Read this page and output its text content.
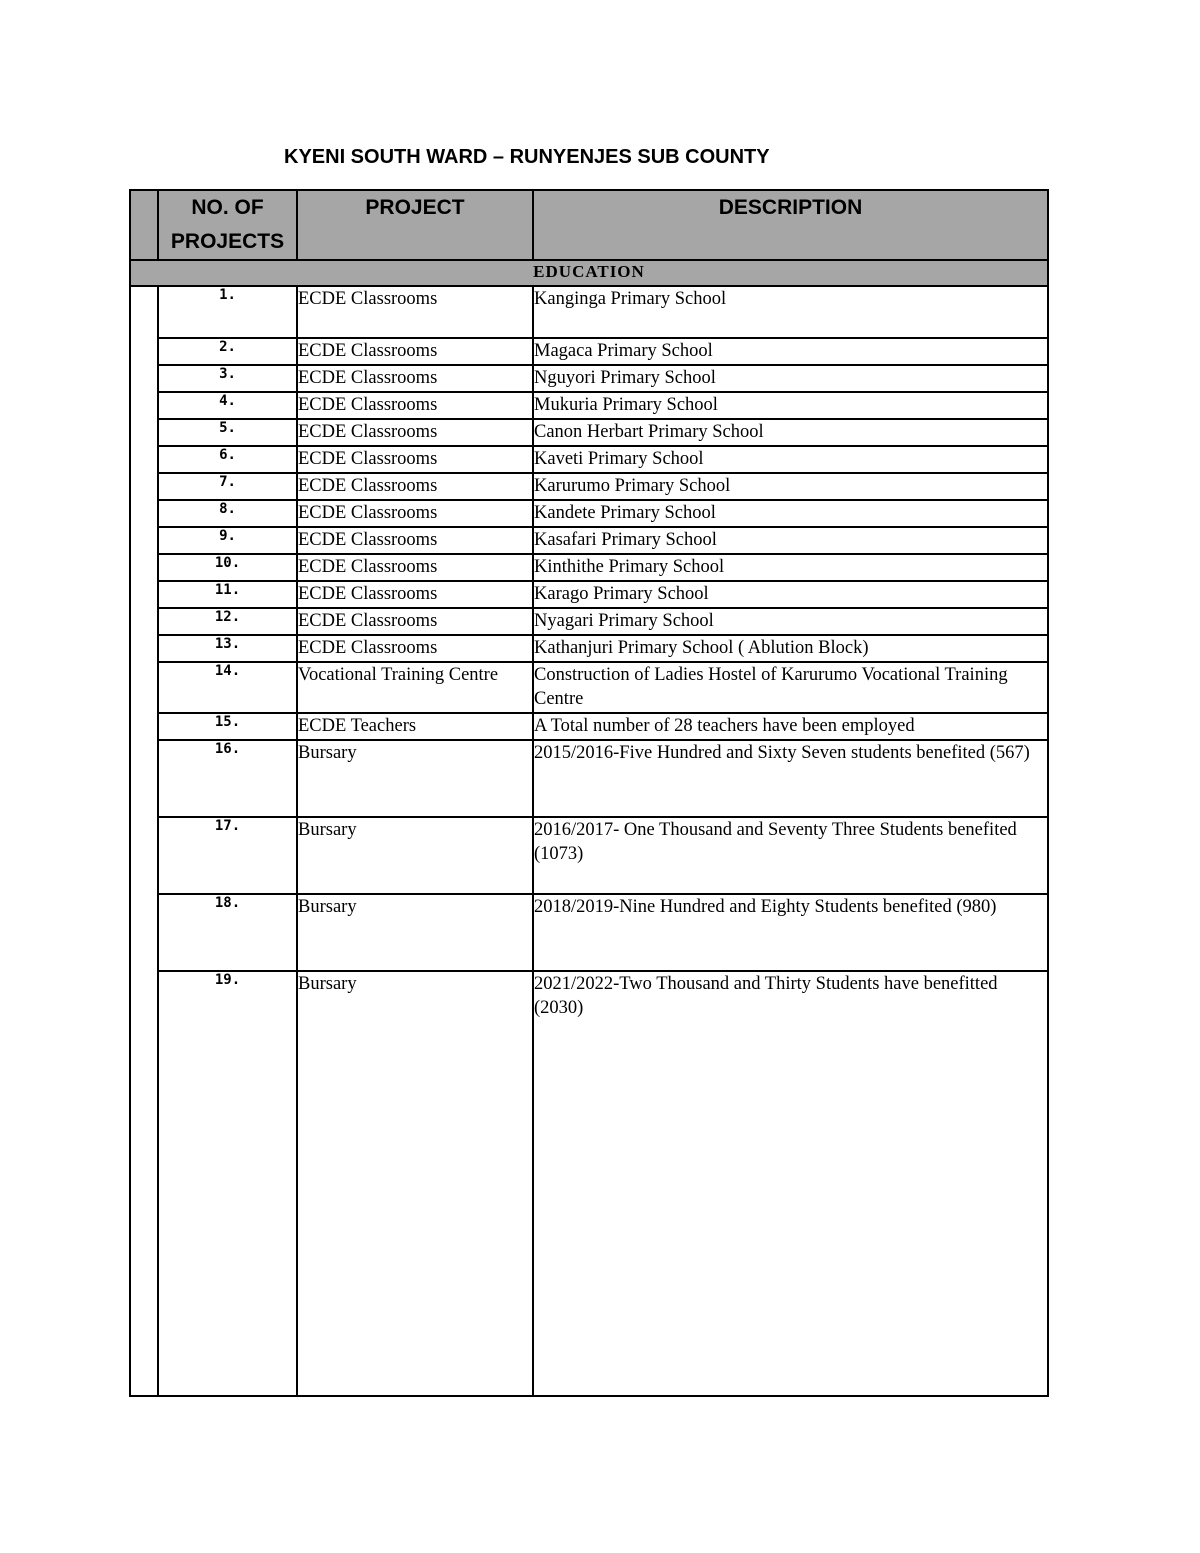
KYENI SOUTH WARD – RUNYENJES SUB COUNTY
	NO. OF PROJECTS	PROJECT	DESCRIPTION
EDUCATION			
	1.	ECDE Classrooms	Kanginga Primary School
	2.	ECDE Classrooms	Magaca Primary School
	3.	ECDE Classrooms	Nguyori Primary School
	4.	ECDE Classrooms	Mukuria Primary School
	5.	ECDE Classrooms	Canon Herbart Primary School
	6.	ECDE Classrooms	Kaveti Primary School
	7.	ECDE Classrooms	Karurumo Primary School
	8.	ECDE Classrooms	Kandete Primary School
	9.	ECDE Classrooms	Kasafari Primary School
	10.	ECDE Classrooms	Kinthithe Primary School
	11.	ECDE Classrooms	Karago Primary School
	12.	ECDE Classrooms	Nyagari Primary School
	13.	ECDE Classrooms	Kathanjuri Primary School ( Ablution Block)
	14.	Vocational Training Centre	Construction of Ladies Hostel of Karurumo Vocational Training Centre
	15.	ECDE Teachers	A Total number of 28 teachers have been employed
	16.	Bursary	2015/2016-Five Hundred and Sixty Seven students benefited (567)
	17.	Bursary	2016/2017- One Thousand and Seventy Three Students benefited (1073)
	18.	Bursary	2018/2019-Nine Hundred and Eighty Students benefited (980)
	19.	Bursary	2021/2022-Two Thousand and Thirty Students have benefitted (2030)
